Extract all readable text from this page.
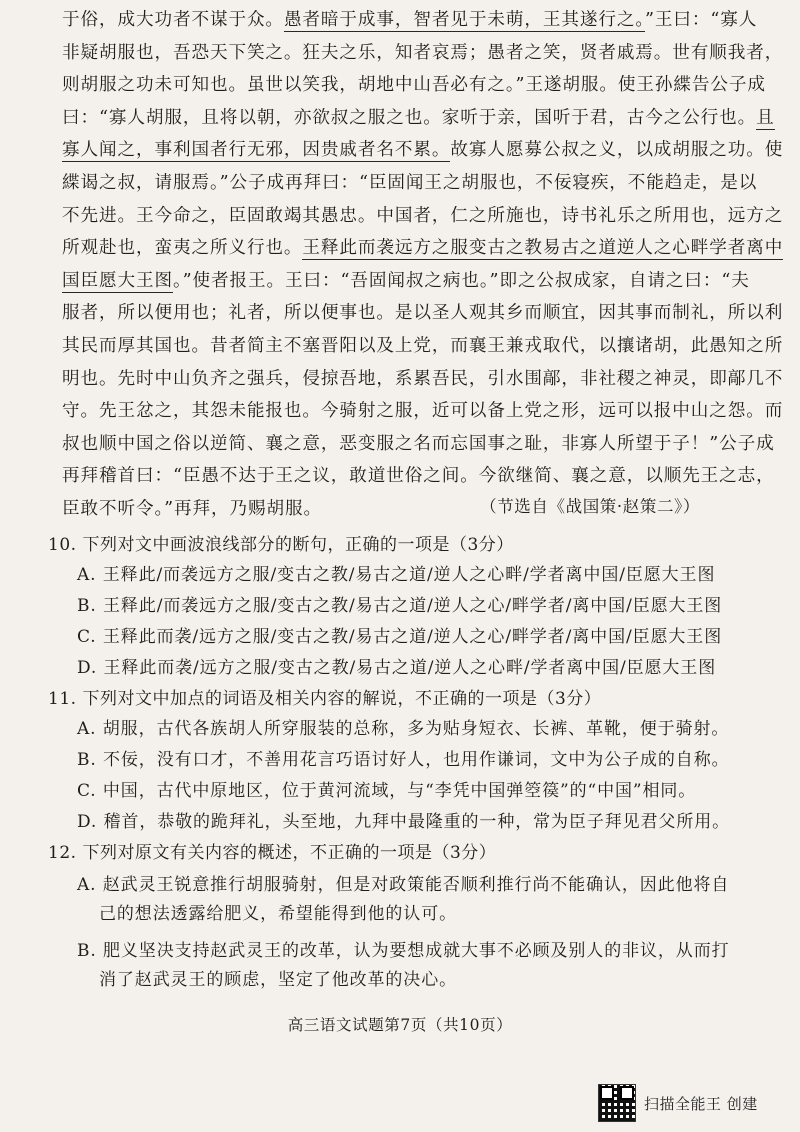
于俗，成大功者不谋于众。愚者暗于成事，智者见于未萌，王其遂行之。”王曰：“寡人
非疑胡服也，吾恐天下笑之。狂夫之乐，知者哀焉；愚者之笑，贤者戚焉。世有顺我者，
则胡服之功未可知也。虽世以笑我，胡地中山吾必有之。”王遂胡服。使王孙緤告公子成
曰：“寡人胡服，且将以朝，亦欲叔之服之也。家听于亲，国听于君，古今之公行也。且
寡人闻之，事利国者行无邪，因贵戚者名不累。故寡人愿募公叔之义，以成胡服之功。使
緤谒之叔，请服焉。”公子成再拜曰：“臣固闻王之胡服也，不佞寝疾，不能趋走，是以
不先进。王今命之，臣固敢竭其愚忠。中国者，仁之所施也，诗书礼乐之所用也，远方之
所观赴也，蛮夷之所义行也。王释此而袭远方之服变古之教易古之道逆人之心畔学者离中
国臣愿大王图。”使者报王。王曰：“吾固闻叔之病也。”即之公叔成家，自请之曰：“夫
服者，所以便用也；礼者，所以便事也。是以圣人观其乡而顺宜，因其事而制礼，所以利
其民而厚其国也。昔者简主不塞晋阳以及上党，而襄王兼戎取代，以攘诸胡，此愚知之所
明也。先时中山负齐之强兵，侵掠吾地，系累吾民，引水围鄗，非社稷之神灵，即鄗几不
守。先王忿之，其怨未能报也。今骑射之服，近可以备上党之形，远可以报中山之怨。而
叔也顺中国之俗以逆简、襄之意，恶变服之名而忘国事之耻，非寡人所望于子！”公子成
再拜稽首曰：“臣愚不达于王之议，敢道世俗之间。今欲继简、襄之意，以顺先王之志，
臣敢不听令。”再拜，乃赐胡服。	（节选自《战国策·赵策二》）
10. 下列对文中画波浪线部分的断句，正确的一项是（3分）
A. 王释此/而袭远方之服/变古之教/易古之道/逆人之心畔/学者离中国/臣愿大王图
B. 王释此/而袭远方之服/变古之教/易古之道/逆人之心/畔学者/离中国/臣愿大王图
C. 王释此而袭/远方之服/变古之教/易古之道/逆人之心/畔学者/离中国/臣愿大王图
D. 王释此而袭/远方之服/变古之教/易古之道/逆人之心畔/学者离中国/臣愿大王图
11. 下列对文中加点的词语及相关内容的解说，不正确的一项是（3分）
A. 胡服，古代各族胡人所穿服装的总称，多为贴身短衣、长裤、革靴，便于骑射。
B. 不佞，没有口才，不善用花言巧语讨好人，也用作谦词，文中为公子成的自称。
C. 中国，古代中原地区，位于黄河流域，与“李凭中国弹箜篌”的“中国”相同。
D. 稽首，恭敬的跪拜礼，头至地，九拜中最隆重的一种，常为臣子拜见君父所用。
12. 下列对原文有关内容的概述，不正确的一项是（3分）
A. 赵武灵王锐意推行胡服骑射，但是对政策能否顺利推行尚不能确认，因此他将自
己的想法透露给肥义，希望能得到他的认可。
B. 肥义坚决支持赵武灵王的改革，认为要想成就大事不必顾及别人的非议，从而打
消了赵武灵王的顾虑，坚定了他改革的决心。
高三语文试题第7页（共10页）
扫描全能王 创建
